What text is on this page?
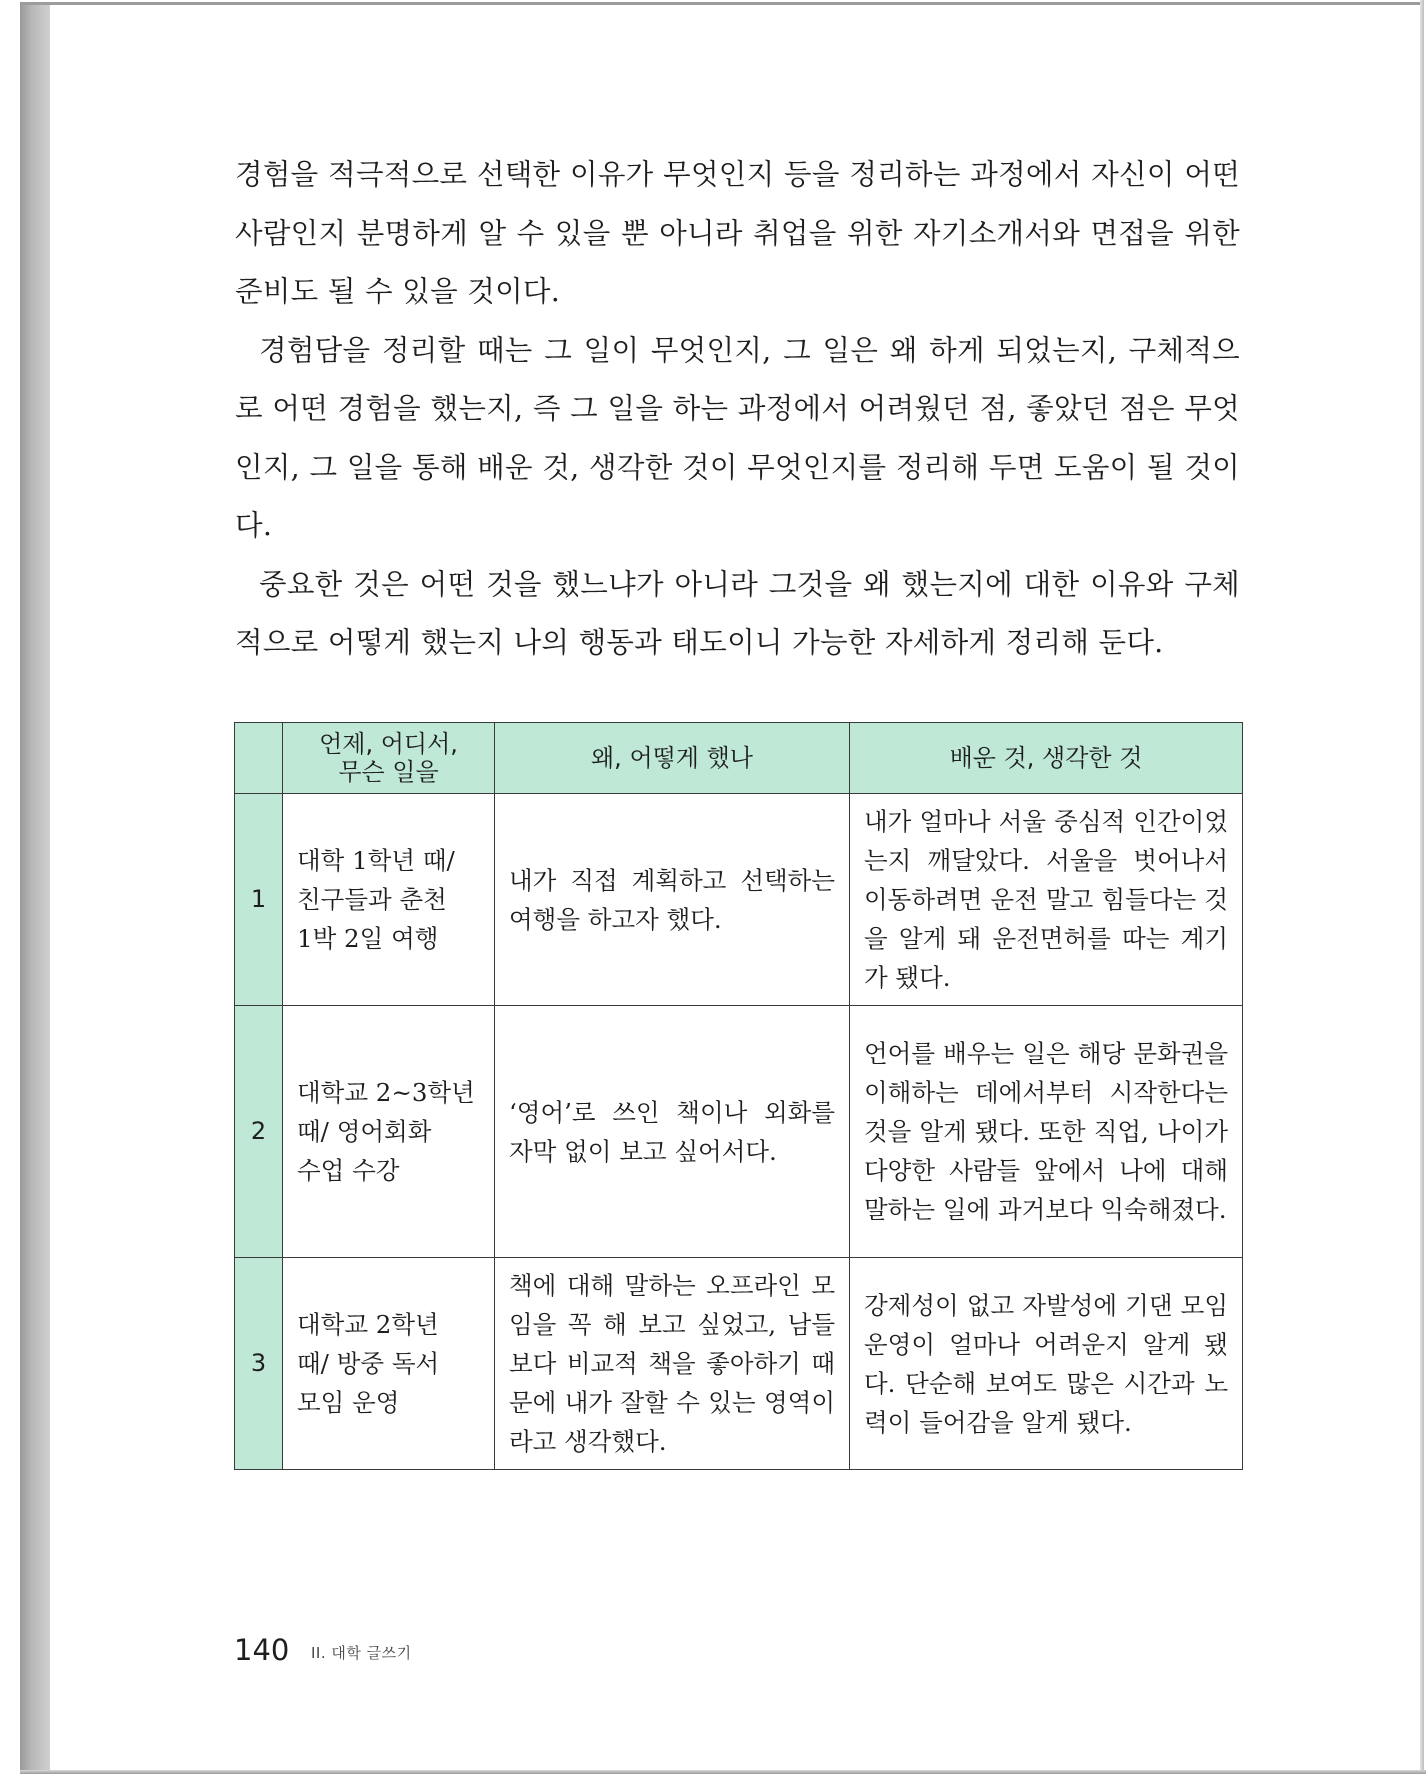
경험을 적극적으로 선택한 이유가 무엇인지 등을 정리하는 과정에서 자신이 어떤 사람인지 분명하게 알 수 있을 뿐 아니라 취업을 위한 자기소개서와 면접을 위한 준비도 될 수 있을 것이다.

경험담을 정리할 때는 그 일이 무엇인지, 그 일은 왜 하게 되었는지, 구체적으로 어떤 경험을 했는지, 즉 그 일을 하는 과정에서 어려웠던 점, 좋았던 점은 무엇인지, 그 일을 통해 배운 것, 생각한 것이 무엇인지를 정리해 두면 도움이 될 것이다.

중요한 것은 어떤 것을 했느냐가 아니라 그것을 왜 했는지에 대한 이유와 구체적으로 어떻게 했는지 나의 행동과 태도이니 가능한 자세하게 정리해 둔다.

	언제, 어디서,
무슨 일을	왜, 어떻게 했나	배운 것, 생각한 것
1	대학 1학년 때/
친구들과 춘천
1박 2일 여행	내가 직접 계획하고 선택하는 여행을 하고자 했다.	내가 얼마나 서울 중심적 인간이었는지 깨달았다. 서울을 벗어나서 이동하려면 운전 말고 힘들다는 것을 알게 돼 운전면허를 따는 계기가 됐다.
2	대학교 2~3학년
때/ 영어회화
수업 수강	‘영어’로 쓰인 책이나 외화를 자막 없이 보고 싶어서다.	언어를 배우는 일은 해당 문화권을 이해하는 데에서부터 시작한다는 것을 알게 됐다. 또한 직업, 나이가 다양한 사람들 앞에서 나에 대해 말하는 일에 과거보다 익숙해졌다.
3	대학교 2학년
때/ 방중 독서
모임 운영	책에 대해 말하는 오프라인 모임을 꼭 해 보고 싶었고, 남들보다 비교적 책을 좋아하기 때문에 내가 잘할 수 있는 영역이라고 생각했다.	강제성이 없고 자발성에 기댄 모임 운영이 얼마나 어려운지 알게 됐다. 단순해 보여도 많은 시간과 노력이 들어감을 알게 됐다.
140 II. 대학 글쓰기
